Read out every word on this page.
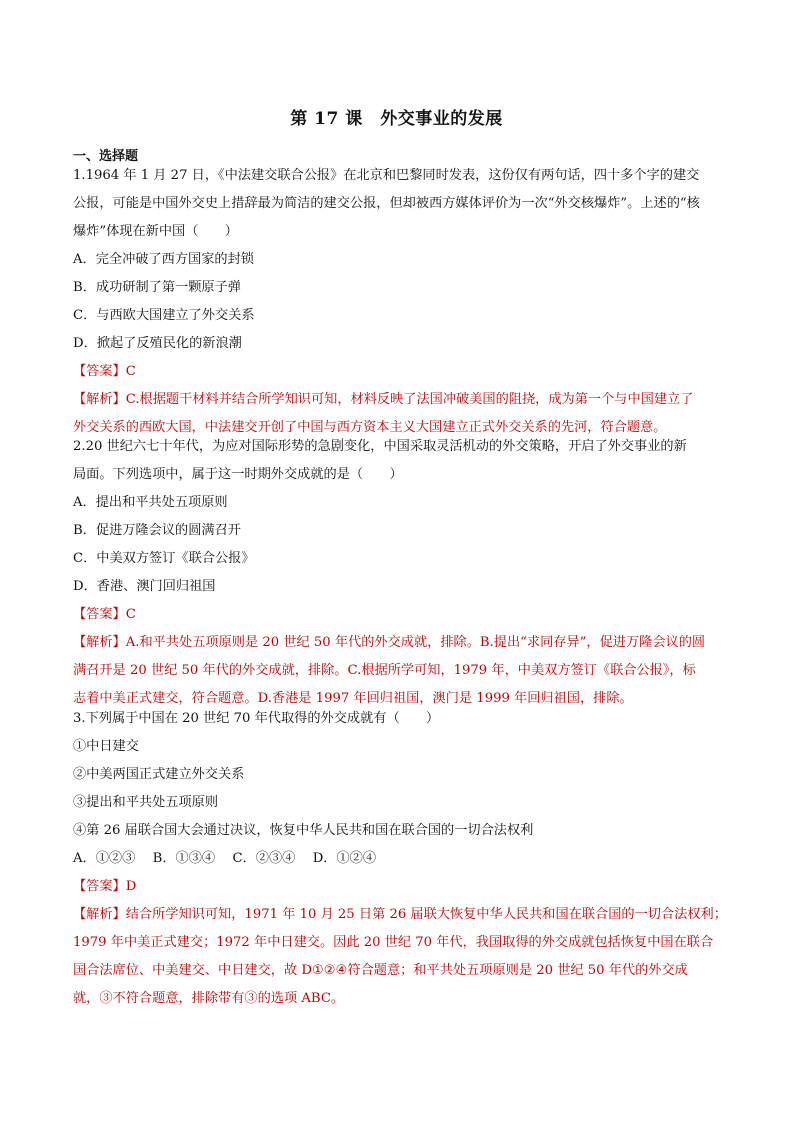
第 17 课　外交事业的发展
一、选择题
1.1964 年 1 月 27 日，《中法建交联合公报》在北京和巴黎同时发表，这份仅有两句话，四十多个字的建交
公报，可能是中国外交史上措辞最为简洁的建交公报，但却被西方媒体评价为一次“外交核爆炸”。上述的“核
爆炸”体现在新中国（　　）
A．完全冲破了西方国家的封锁
B．成功研制了第一颗原子弹
C．与西欧大国建立了外交关系
D．掀起了反殖民化的新浪潮
【答案】C
【解析】C.根据题干材料并结合所学知识可知，材料反映了法国冲破美国的阻挠，成为第一个与中国建立了
外交关系的西欧大国，中法建交开创了中国与西方资本主义大国建立正式外交关系的先河，符合题意。
2.20 世纪六七十年代，为应对国际形势的急剧变化，中国采取灵活机动的外交策略，开启了外交事业的新
局面。下列选项中，属于这一时期外交成就的是（　　）
A．提出和平共处五项原则
B．促进万隆会议的圆满召开
C．中美双方签订《联合公报》
D．香港、澳门回归祖国
【答案】C
【解析】A.和平共处五项原则是 20 世纪 50 年代的外交成就，排除。B.提出“求同存异”，促进万隆会议的圆
满召开是 20 世纪 50 年代的外交成就，排除。C.根据所学可知，1979 年，中美双方签订《联合公报》，标
志着中美正式建交，符合题意。D.香港是 1997 年回归祖国，澳门是 1999 年回归祖国，排除。
3.下列属于中国在 20 世纪 70 年代取得的外交成就有（　　）
①中日建交
②中美两国正式建立外交关系
③提出和平共处五项原则
④第 26 届联合国大会通过决议，恢复中华人民共和国在联合国的一切合法权利
A．①②③　 B．①③④　 C．②③④　 D．①②④
【答案】D
【解析】结合所学知识可知，1971 年 10 月 25 日第 26 届联大恢复中华人民共和国在联合国的一切合法权利；
1979 年中美正式建交；1972 年中日建交。因此 20 世纪 70 年代，我国取得的外交成就包括恢复中国在联合
国合法席位、中美建交、中日建交，故 D①②④符合题意；和平共处五项原则是 20 世纪 50 年代的外交成
就，③不符合题意，排除带有③的选项 ABC。
